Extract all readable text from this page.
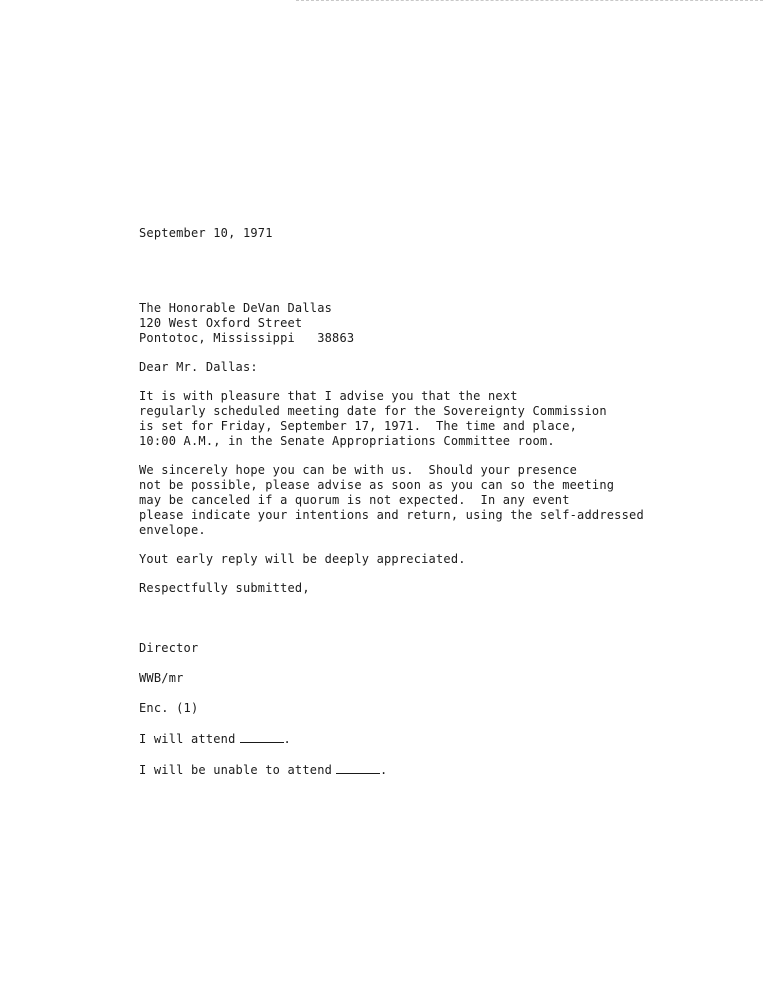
September 10, 1971
The Honorable DeVan Dallas
120 West Oxford Street
Pontotoc, Mississippi   38863
Dear Mr. Dallas:
It is with pleasure that I advise you that the next
regularly scheduled meeting date for the Sovereignty Commission
is set for Friday, September 17, 1971.  The time and place,
10:00 A.M., in the Senate Appropriations Committee room.
We sincerely hope you can be with us.  Should your presence
not be possible, please advise as soon as you can so the meeting
may be canceled if a quorum is not expected.  In any event
please indicate your intentions and return, using the self-addressed
envelope.
Yout early reply will be deeply appreciated.
Respectfully submitted,
Director
WWB/mr
Enc. (1)
I will attend	.
I will be unable to attend	.
